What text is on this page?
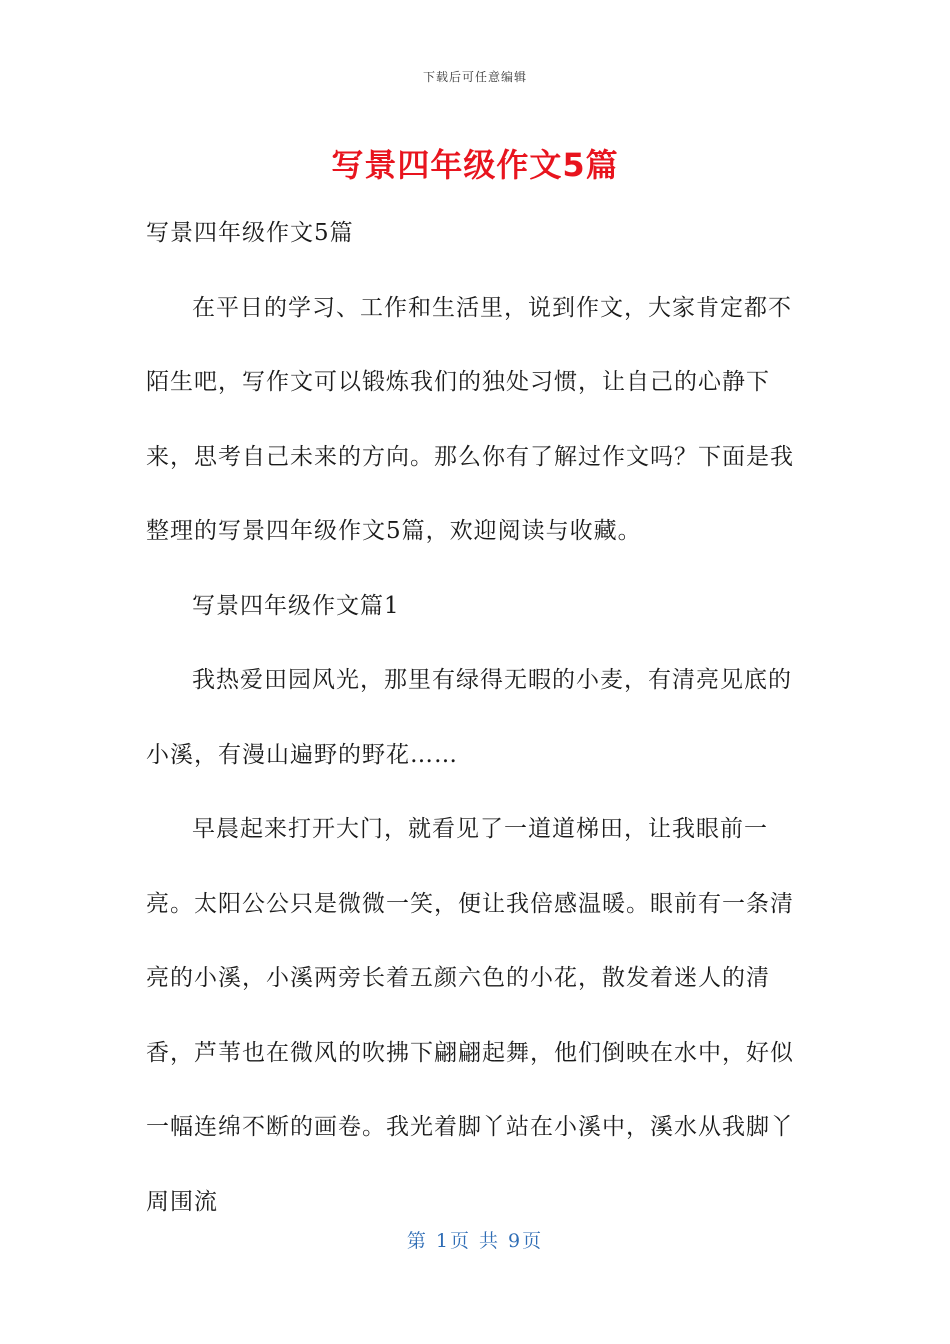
下载后可任意编辑
写景四年级作文5篇

写景四年级作文5篇

在平日的学习、工作和生活里，说到作文，大家肯定都不陌生吧，写作文可以锻炼我们的独处习惯，让自己的心静下来，思考自己未来的方向。那么你有了解过作文吗？下面是我整理的写景四年级作文5篇，欢迎阅读与收藏。

写景四年级作文篇1

我热爱田园风光，那里有绿得无暇的小麦，有清亮见底的小溪，有漫山遍野的野花……

早晨起来打开大门，就看见了一道道梯田，让我眼前一亮。太阳公公只是微微一笑，便让我倍感温暖。眼前有一条清亮的小溪，小溪两旁长着五颜六色的小花，散发着迷人的清香，芦苇也在微风的吹拂下翩翩起舞，他们倒映在水中，好似一幅连绵不断的画卷。我光着脚丫站在小溪中，溪水从我脚丫周围流

第 1页 共 9页
